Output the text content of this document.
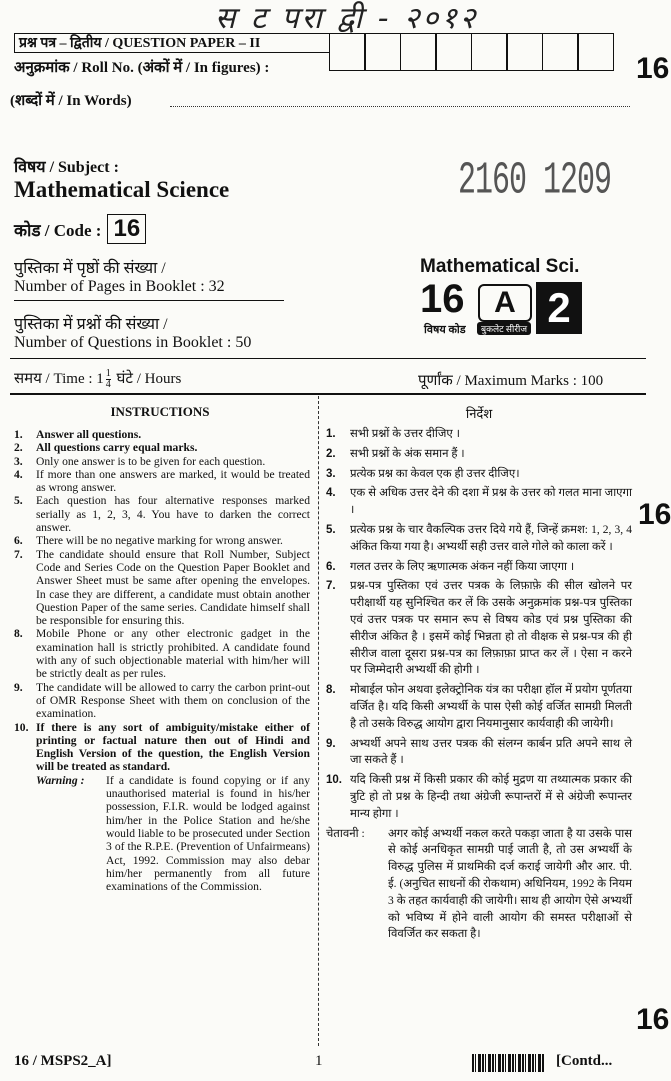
स ट परा द्वी - २०१२
प्रश्न पत्र – द्वितीय / QUESTION PAPER – II
अनुक्रमांक / Roll No. (अंकों में / In figures) :
(शब्दों में / In Words)
16
16
16
विषय / Subject :
Mathematical Science	2160 1209
कोड / Code : 16
पुस्तिका में पृष्ठों की संख्या /
Number of Pages in Booklet : 32
पुस्तिका में प्रश्नों की संख्या /
Number of Questions in Booklet : 50
Mathematical Sci.
16
विषय कोड
A
बुकलेट सीरीज 2
समय / Time : $1 \frac{1}{4}$ घंटे / Hours	पूर्णांक / Maximum Marks : 100
INSTRUCTIONS	निर्देश
1.	Answer all questions.
2.	All questions carry equal marks.
3.	Only one answer is to be given for each question.
4.	If more than one answers are marked, it would be treated as wrong answer.
5.	Each question has four alternative responses marked serially as 1, 2, 3, 4. You have to darken the correct answer.
6.	There will be no negative marking for wrong answer.
7.	The candidate should ensure that Roll Number, Subject Code and Series Code on the Question Paper Booklet and Answer Sheet must be same after opening the envelopes. In case they are different, a candidate must obtain another Question Paper of the same series. Candidate himself shall be responsible for ensuring this.
8.	Mobile Phone or any other electronic gadget in the examination hall is strictly prohibited. A candidate found with any of such objectionable material with him/her will be strictly dealt as per rules.
9.	The candidate will be allowed to carry the carbon print-out of OMR Response Sheet with them on conclusion of the examination.
10. If there is any sort of ambiguity/mistake either of printing or factual nature then out of Hindi and English Version of the question, the English Version will be treated as standard.
Warning :	If a candidate is found copying or if any unauthorised material is found in his/her possession, F.I.R. would be lodged against him/her in the Police Station and he/she would liable to be prosecuted under Section 3 of the R.P.E. (Prevention of Unfairmeans) Act, 1992. Commission may also debar him/her permanently from all future examinations of the Commission.
1.	सभी प्रश्नों के उत्तर दीजिए ।
2.	सभी प्रश्नों के अंक समान हैं ।
3.	प्रत्येक प्रश्न का केवल एक ही उत्तर दीजिए।
4.	एक से अधिक उत्तर देने की दशा में प्रश्न के उत्तर को गलत माना जाएगा ।
5.	प्रत्येक प्रश्न के चार वैकल्पिक उत्तर दिये गये हैं, जिन्हें क्रमश: 1, 2, 3, 4 अंकित किया गया है। अभ्यर्थी सही उत्तर वाले गोले को काला करें ।
6.	गलत उत्तर के लिए ऋणात्मक अंकन नहीं किया जाएगा ।
7.	प्रश्न-पत्र पुस्तिका एवं उत्तर पत्रक के लिफ़ाफ़े की सील खोलने पर परीक्षार्थी यह सुनिश्चित कर लें कि उसके अनुक्रमांक प्रश्न-पत्र पुस्तिका एवं उत्तर पत्रक पर समान रूप से विषय कोड एवं प्रश्न पुस्तिका की सीरीज अंकित है । इसमें कोई भिन्नता हो तो वीक्षक से प्रश्न-पत्र की ही सीरीज वाला दूसरा प्रश्न-पत्र का लिफ़ाफ़ा प्राप्त कर लें । ऐसा न करने पर जिम्मेदारी अभ्यर्थी की होगी ।
8.	मोबाईल फोन अथवा इलेक्ट्रोनिक यंत्र का परीक्षा हॉल में प्रयोग पूर्णतया वर्जित है। यदि किसी अभ्यर्थी के पास ऐसी कोई वर्जित सामग्री मिलती है तो उसके विरुद्ध आयोग द्वारा नियमानुसार कार्यवाही की जायेगी।
9.	अभ्यर्थी अपने साथ उत्तर पत्रक की संलग्न कार्बन प्रति अपने साथ ले जा सकते हैं ।
10. यदि किसी प्रश्न में किसी प्रकार की कोई मुद्रण या तथ्यात्मक प्रकार की त्रुटि हो तो प्रश्न के हिन्दी तथा अंग्रेजी रूपान्तरों में से अंग्रेजी रूपान्तर मान्य होगा ।
चेतावनी :	अगर कोई अभ्यर्थी नकल करते पकड़ा जाता है या उसके पास से कोई अनधिकृत सामग्री पाई जाती है, तो उस अभ्यर्थी के विरुद्ध पुलिस में प्राथमिकी दर्ज कराई जायेगी और आर. पी. ई. (अनुचित साधनों की रोकथाम) अधिनियम, 1992 के नियम 3 के तहत कार्यवाही की जायेगी। साथ ही आयोग ऐसे अभ्यर्थी को भविष्य में होने वाली आयोग की समस्त परीक्षाओं से विवर्जित कर सकता है।
16 / MSPS2_A]	1	[Contd...
